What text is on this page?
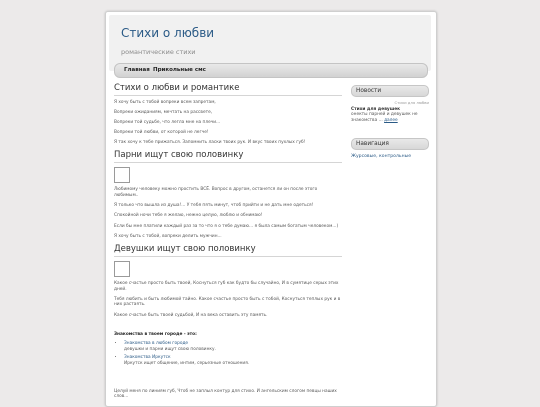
Стихи о любви
романтические стихи
Главная Прикольные смс
Стихи о любви и романтике

Я хочу быть с тобой вопреки всем запретам,

Вопреки ожиданиям, мечтать на рассвете,

Вопреки той судьбе, что легла мне на плечи...

Вопреки той любви, от которой не легче!

Я так хочу к тебе прижаться. Запомнить ласки твоих рук. И вкус твоих пухлых губ!

Парни ищут свою половинку

Любимому человеку можно простить ВСЁ. Вопрос в другом, останется ли он после этого любимым..

Я только что вышла из душа!... У тебя пять минут, чтоб прийти и не дать мне одеться!

Спокойной ночи тебе я желаю, нежно целую, люблю и обнимаю!

Если бы мне платили каждый раз за то что я о тебе думаю... я была самым богатым человеком...)

Я хочу быть с тобой, вопреки делить мужчин...

Девушки ищут свою половинку

Какое счастье просто быть твоей, Коснуться губ как будто бы случайно, И в сумятице серых этих дней.

Тебя любить и быть любимой тайно. Какое счастье просто быть с тобой, Коснуться теплых рук и в них растаять.

Какое счастье быть твоей судьбой, И на века оставить эту память.

Знакомства в твоем городе - это:
• Знакомства в любом городе
девушки и парни ищут свою половинку.
• Знакомства Иркутск
Иркутск ищет общение, интим, серьезные отношения.

Целуй меня по линиям губ, Чтоб не заплыл контур для стихо. И ангельским слогом певцы наших слов...

Новости
Стихи для любви
Стихи для девушек
онекты парней и девушек не знакомства ... далее
Навигация
Журсовые, контрольные
